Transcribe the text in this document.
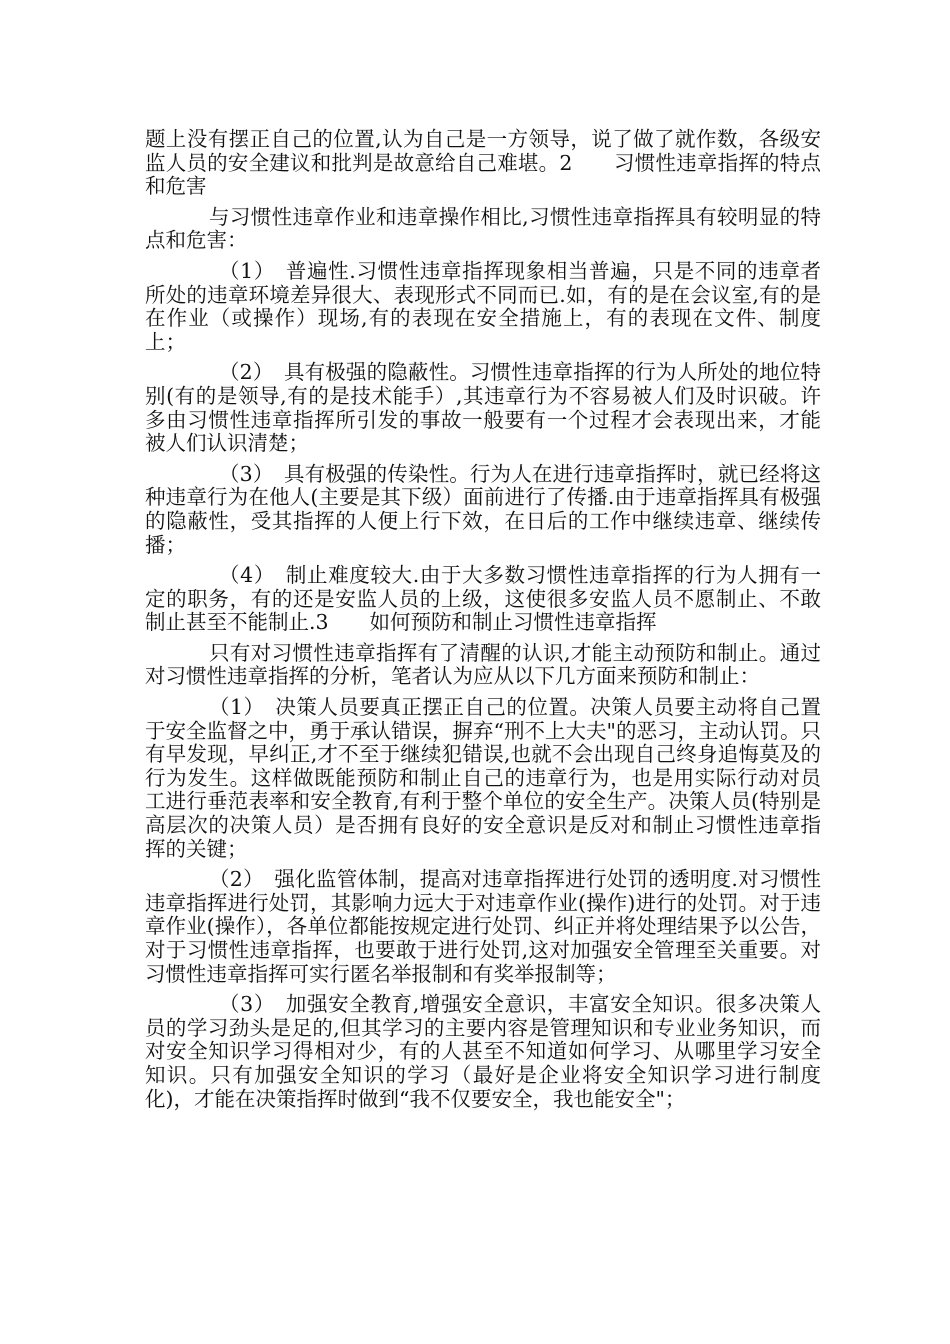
题上没有摆正自己的位置,认为自己是一方领导，说了做了就作数，各级安监人员的安全建议和批判是故意给自己难堪。2　　习惯性违章指挥的特点和危害

与习惯性违章作业和违章操作相比,习惯性违章指挥具有较明显的特点和危害：

（1）　普遍性.习惯性违章指挥现象相当普遍，只是不同的违章者所处的违章环境差异很大、表现形式不同而已.如，有的是在会议室,有的是在作业（或操作）现场,有的表现在安全措施上，有的表现在文件、制度上；

（2）　具有极强的隐蔽性。习惯性违章指挥的行为人所处的地位特别(有的是领导,有的是技术能手）,其违章行为不容易被人们及时识破。许多由习惯性违章指挥所引发的事故一般要有一个过程才会表现出来，才能被人们认识清楚；

（3）　具有极强的传染性。行为人在进行违章指挥时，就已经将这种违章行为在他人(主要是其下级）面前进行了传播.由于违章指挥具有极强的隐蔽性，受其指挥的人便上行下效，在日后的工作中继续违章、继续传播；

（4）　制止难度较大.由于大多数习惯性违章指挥的行为人拥有一定的职务，有的还是安监人员的上级，这使很多安监人员不愿制止、不敢制止甚至不能制止.3　　如何预防和制止习惯性违章指挥

只有对习惯性违章指挥有了清醒的认识,才能主动预防和制止。通过对习惯性违章指挥的分析，笔者认为应从以下几方面来预防和制止：

（1）　决策人员要真正摆正自己的位置。决策人员要主动将自己置于安全监督之中，勇于承认错误，摒弃“刑不上大夫"的恶习，主动认罚。只有早发现，早纠正,才不至于继续犯错误,也就不会出现自己终身追悔莫及的行为发生。这样做既能预防和制止自己的违章行为，也是用实际行动对员工进行垂范表率和安全教育,有利于整个单位的安全生产。决策人员(特别是高层次的决策人员）是否拥有良好的安全意识是反对和制止习惯性违章指挥的关键；

（2）　强化监管体制，提高对违章指挥进行处罚的透明度.对习惯性违章指挥进行处罚，其影响力远大于对违章作业(操作)进行的处罚。对于违章作业(操作），各单位都能按规定进行处罚、纠正并将处理结果予以公告，对于习惯性违章指挥，也要敢于进行处罚,这对加强安全管理至关重要。对习惯性违章指挥可实行匿名举报制和有奖举报制等；

（3）　加强安全教育,增强安全意识，丰富安全知识。很多决策人员的学习劲头是足的,但其学习的主要内容是管理知识和专业业务知识，而对安全知识学习得相对少，有的人甚至不知道如何学习、从哪里学习安全知识。只有加强安全知识的学习（最好是企业将安全知识学习进行制度化)，才能在决策指挥时做到“我不仅要安全，我也能安全"；
